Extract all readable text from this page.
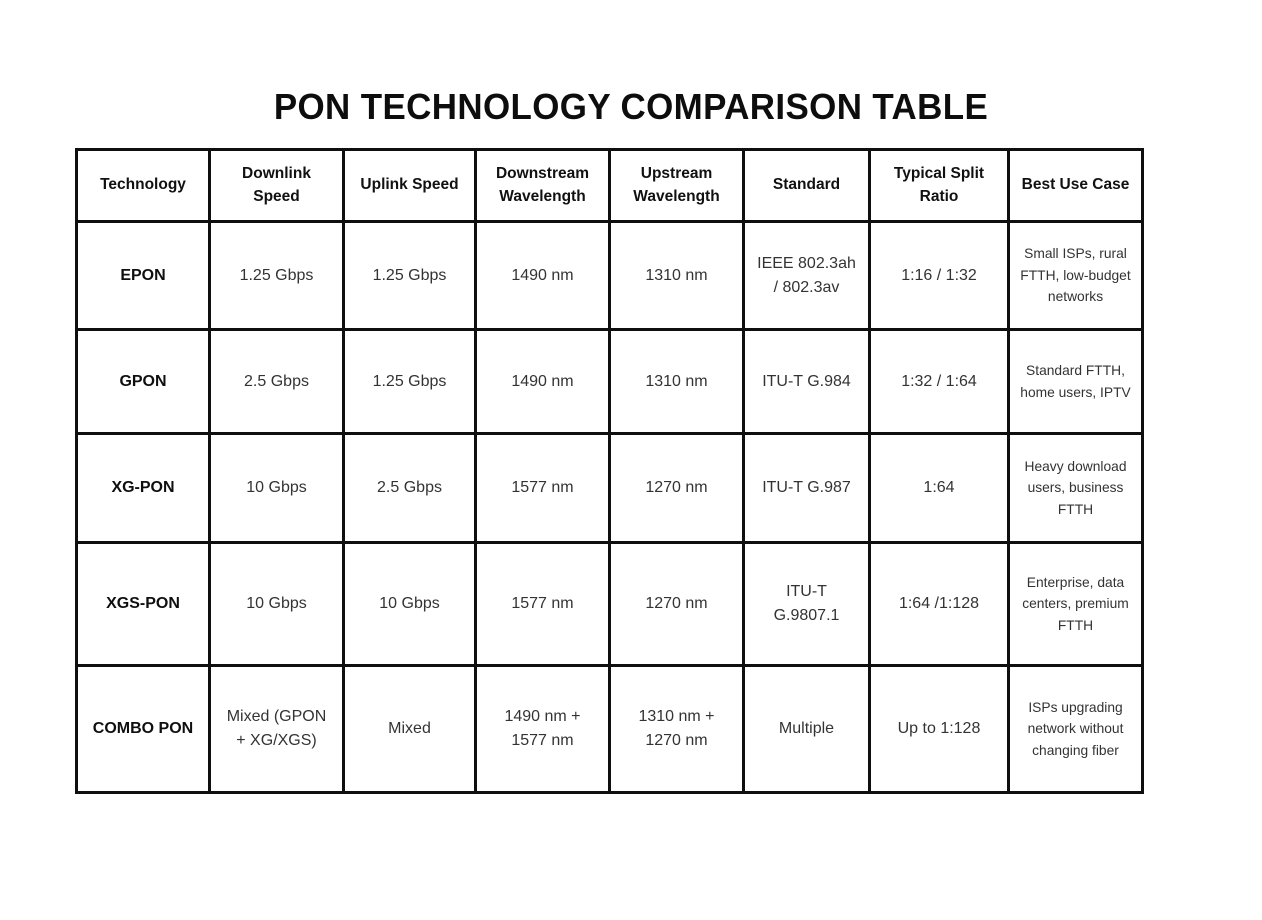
PON TECHNOLOGY COMPARISON TABLE
Technology	Downlink Speed	Uplink Speed	Downstream Wavelength	Upstream Wavelength	Standard	Typical Split Ratio	Best Use Case
EPON	1.25 Gbps	1.25 Gbps	1490 nm	1310 nm	IEEE 802.3ah / 802.3av	1:16 / 1:32	Small ISPs, rural FTTH, low-budget networks
GPON	2.5 Gbps	1.25 Gbps	1490 nm	1310 nm	ITU-T G.984	1:32 / 1:64	Standard FTTH, home users, IPTV
XG-PON	10 Gbps	2.5 Gbps	1577 nm	1270 nm	ITU-T G.987	1:64	Heavy download users, business FTTH
XGS-PON	10 Gbps	10 Gbps	1577 nm	1270 nm	ITU-T G.9807.1	1:64 /1:128	Enterprise, data centers, premium FTTH
COMBO PON	Mixed (GPON + XG/XGS)	Mixed	1490 nm + 1577 nm	1310 nm + 1270 nm	Multiple	Up to 1:128	ISPs upgrading network without changing fiber
